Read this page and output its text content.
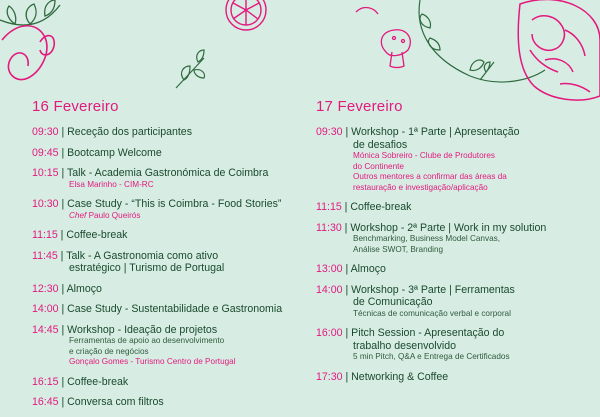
16 Fevereiro
09:30 | Receção dos participantes
09:45 | Bootcamp Welcome
10:15 | Talk - Academia Gastronómica de Coimbra
Elsa Marinho - CIM-RC
10:30 | Case Study - “This is Coimbra - Food Stories”
Chef Paulo Queirós
11:15 | Coffee-break
11:45 | Talk - A Gastronomia como ativo
estratégico | Turismo de Portugal
12:30 | Almoço
14:00 | Case Study - Sustentabilidade e Gastronomia
14:45 | Workshop - Ideação de projetos
Ferramentas de apoio ao desenvolvimento
e criação de negócios
Gonçalo Gomes - Turismo Centro de Portugal
16:15 | Coffee-break
16:45 | Conversa com filtros
17 Fevereiro
09:30 | Workshop - 1ª Parte | Apresentação
de desafios
Mónica Sobreiro - Clube de Produtores
do Continente
Outros mentores a confirmar das áreas da
restauração e investigação/aplicação
11:15 | Coffee-break
11:30 | Workshop - 2ª Parte | Work in my solution
Benchmarking, Business Model Canvas,
Análise SWOT, Branding
13:00 | Almoço
14:00 | Workshop - 3ª Parte | Ferramentas
de Comunicação
Técnicas de comunicação verbal e corporal
16:00 | Pitch Session - Apresentação do
trabalho desenvolvido
5 min Pitch, Q&A e Entrega de Certificados
17:30 | Networking & Coffee
